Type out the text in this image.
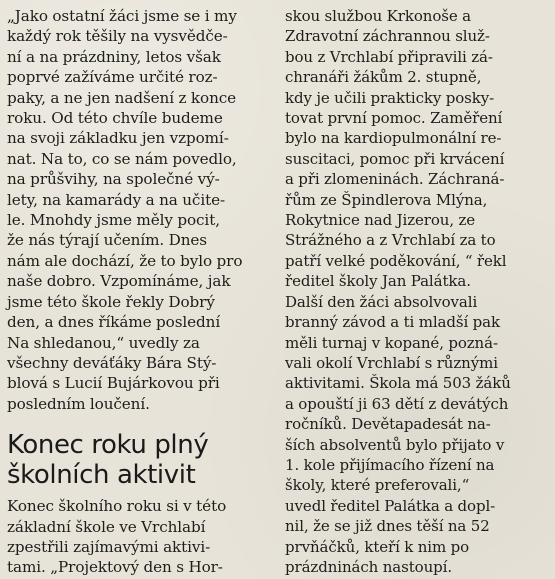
„Jako ostatní žáci jsme se i my
každý rok těšily na vysvědče-
ní a na prázdniny, letos však
poprvé zažíváme určité roz-
paky, a ne jen nadšení z konce
roku. Od této chvíle budeme
na svoji základku jen vzpomí-
nat. Na to, co se nám povedlo,
na průšvihy, na společné vý-
lety, na kamarády a na učite-
le. Mnohdy jsme měly pocit,
že nás týrají učením. Dnes
nám ale dochází, že to bylo pro
naše dobro. Vzpomínáme, jak
jsme této škole řekly Dobrý
den, a dnes říkáme poslední
Na shledanou,“ uvedly za
všechny deváťáky Bára Stý-
blová s Lucií Bujárkovou při
posledním loučení.
Konec roku plný
školních aktivit
Konec školního roku si v této
základní škole ve Vrchlabí
zpestřili zajímavými aktivi-
tami. „Projektový den s Hor-
skou službou Krkonoše a
Zdravotní záchrannou služ-
bou z Vrchlabí připravili zá-
chranáři žákům 2. stupně,
kdy je učili prakticky posky-
tovat první pomoc. Zaměření
bylo na kardiopulmonální re-
suscitaci, pomoc při krvácení
a při zlomeninách. Záchraná-
řům ze Špindlerova Mlýna,
Rokytnice nad Jizerou, ze
Strážného a z Vrchlabí za to
patří velké poděkování, “ řekl
ředitel školy Jan Palátka.
Další den žáci absolvovali
branný závod a ti mladší pak
měli turnaj v kopané, pozná-
vali okolí Vrchlabí s různými
aktivitami. Škola má 503 žáků
a opouští ji 63 dětí z devátých
ročníků. Devětapadesát na-
ších absolventů bylo přijato v
1. kole přijímacího řízení na
školy, které preferovali,“
uvedl ředitel Palátka a dopl-
nil, že se již dnes těší na 52
prvňáčků, kteří k nim po
prázdninách nastoupí.
